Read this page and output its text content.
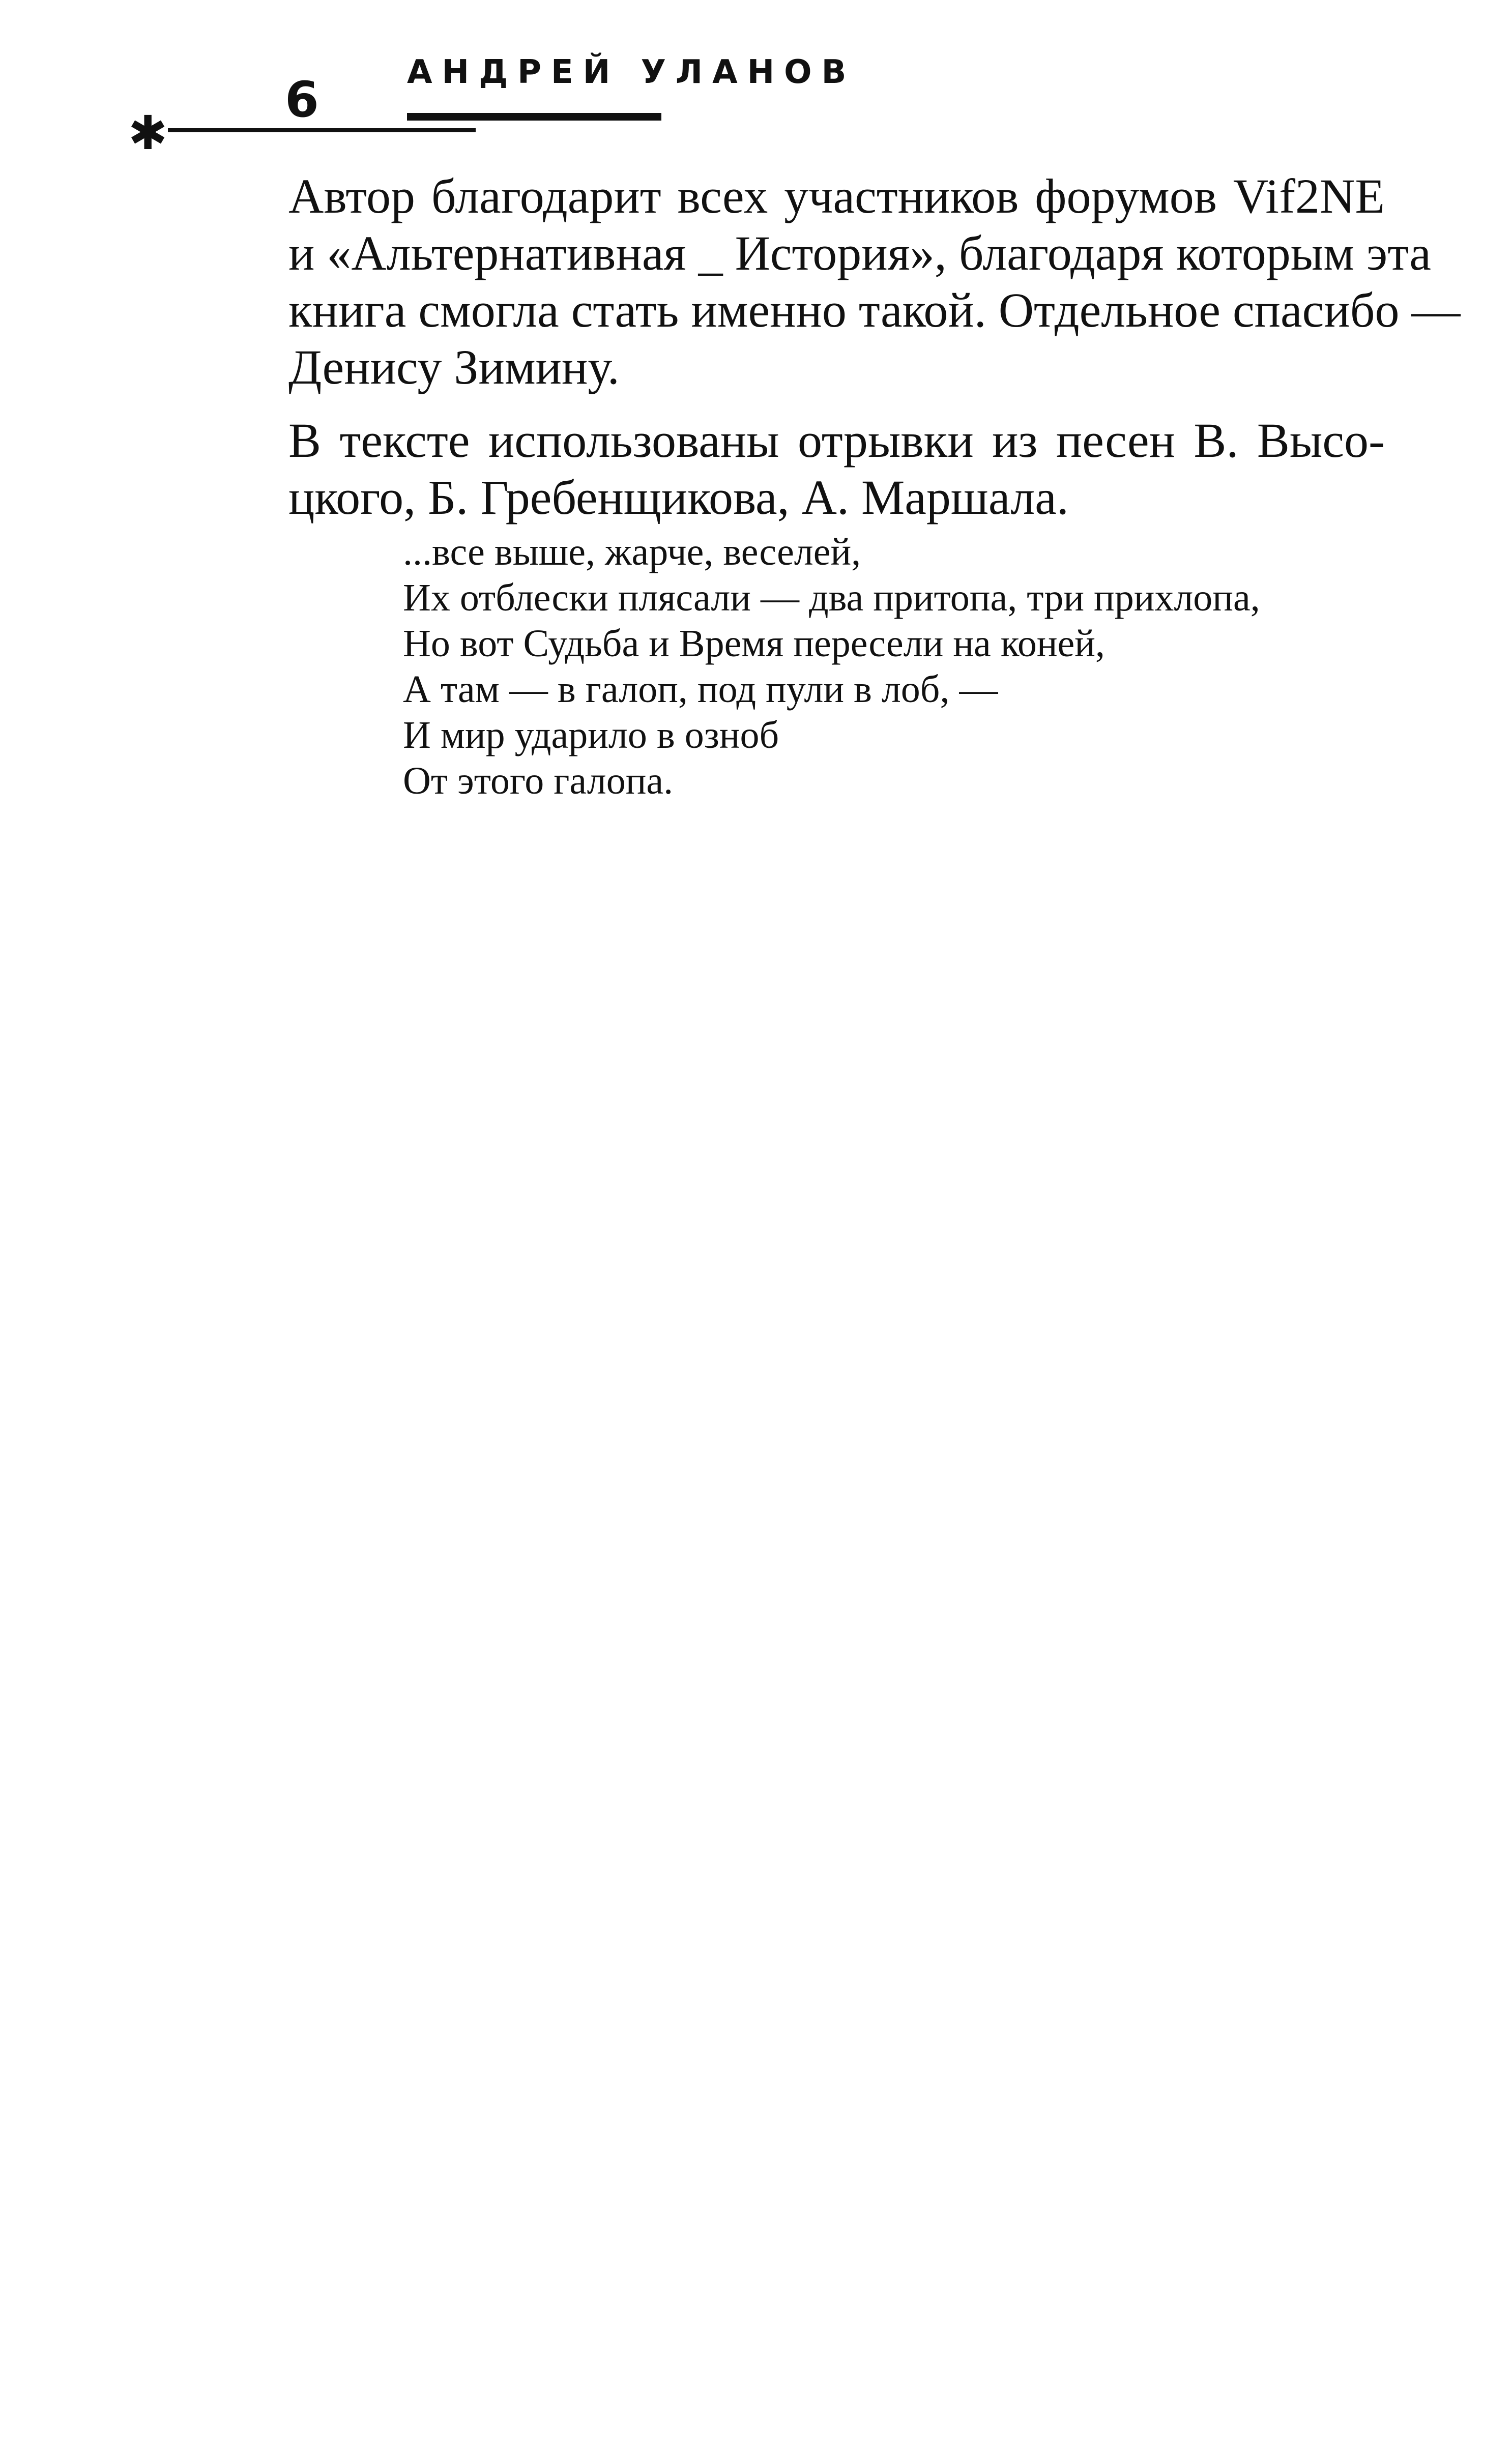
✱
6	АНДРЕЙ УЛАНОВ

Автор благодарит всех участников форумов Vif2NE
и «Альтернативная _ История», благодаря которым эта
книга смогла стать именно такой. Отдельное спасибо —
Денису Зимину.

В тексте использованы отрывки из песен В. Высо-
цкого, Б. Гребенщикова, А. Маршала.

...все выше, жарче, веселей,
Их отблески плясали — два притопа, три прихлопа,
Но вот Судьба и Время пересели на коней,
А там — в галоп, под пули в лоб, —
И мир ударило в озноб
От этого галопа.
